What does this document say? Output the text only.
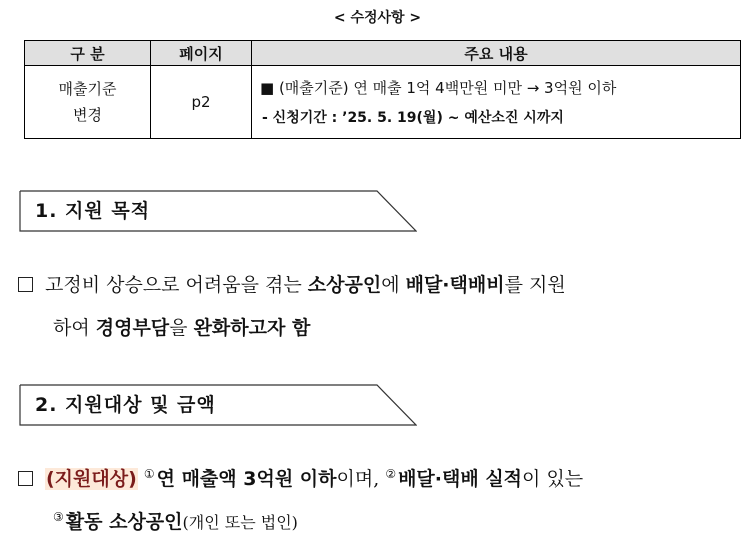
< 수정사항 >
구 분	페이지	주요 내용

매출기준
변경	p2	■ (매출기준) 연 매출 1억 4백만원 미만 → 3억원 이하
- 신청기간 : ’25. 5. 19(월) ~ 예산소진 시까지
1. 지원 목적
고정비 상승으로 어려움을 겪는 소상공인에 배달·택배비를 지원
하여 경영부담을 완화하고자 함
2. 지원대상 및 금액
(지원대상) ① 연 매출액 3억원 이하이며, ② 배달·택배 실적이 있는
③ 활동 소상공인(개인 또는 법인)
